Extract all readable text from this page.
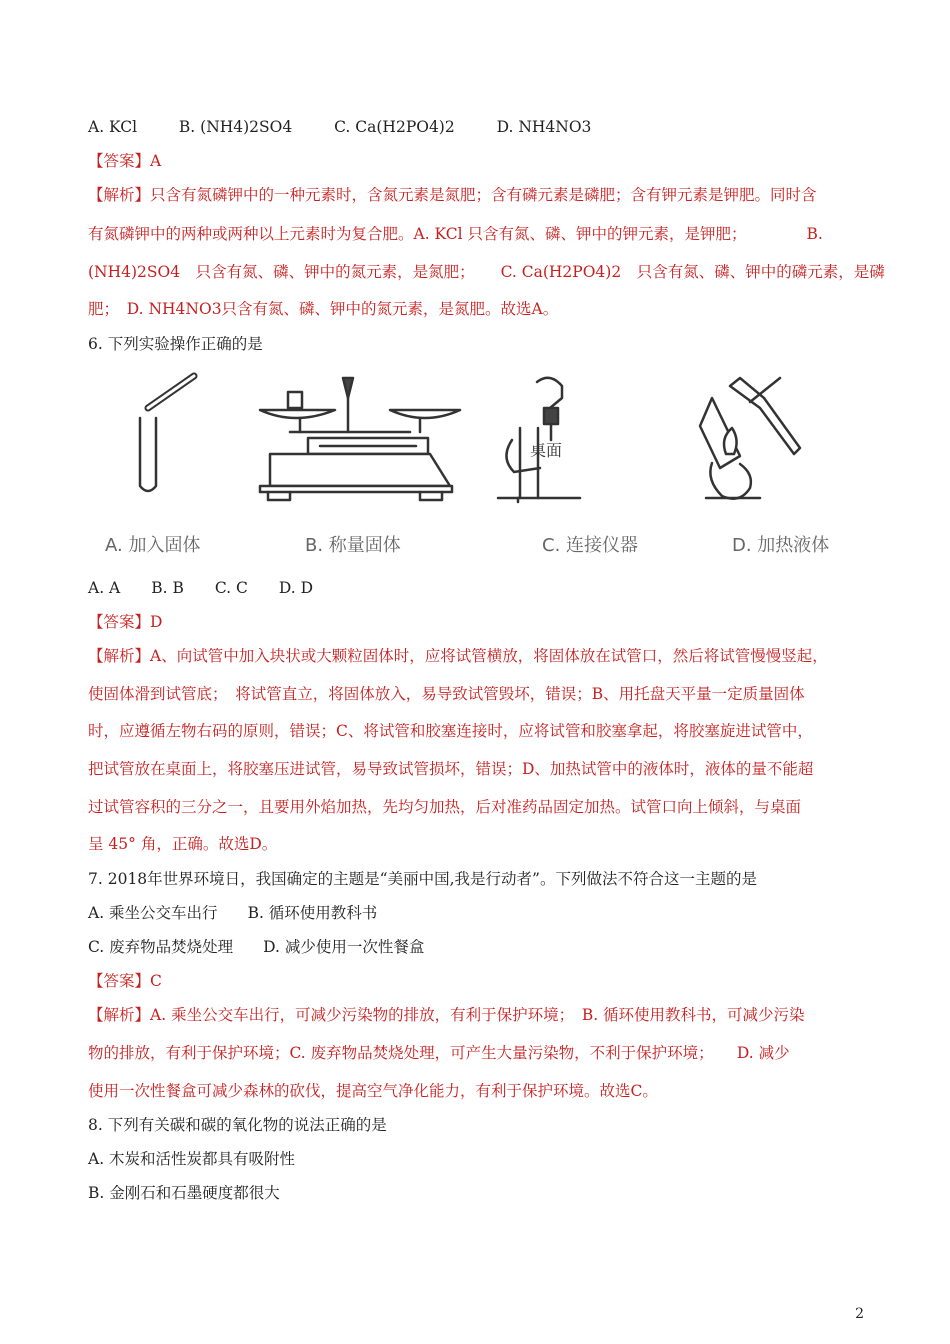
A. KCl	B. (NH4)2SO4	C. Ca(H2PO4)2	D. NH4NO3
【答案】A
【解析】只含有氮磷钾中的一种元素时，含氮元素是氮肥；含有磷元素是磷肥；含有钾元素是钾肥。同时含
有氮磷钾中的两种或两种以上元素时为复合肥。A. KCl 只含有氮、磷、钾中的钾元素，是钾肥；	B.
(NH4)2SO4　只含有氮、磷、钾中的氮元素，是氮肥； C. Ca(H2PO4)2　只含有氮、磷、钾中的磷元素，是磷
肥；　D. NH4NO3只含有氮、磷、钾中的氮元素，是氮肥。故选A。
6. 下列实验操作正确的是
桌面
A. 加入固体	B. 称量固体	C. 连接仪器	D. 加热液体
A. A　　B. B　　C. C　　D. D
【答案】D
【解析】A、向试管中加入块状或大颗粒固体时，应将试管横放，将固体放在试管口，然后将试管慢慢竖起，
使固体滑到试管底；　将试管直立，将固体放入，易导致试管毁坏，错误；B、用托盘天平量一定质量固体
时，应遵循左物右码的原则，错误；C、将试管和胶塞连接时，应将试管和胶塞拿起，将胶塞旋进试管中，
把试管放在桌面上，将胶塞压进试管，易导致试管损坏，错误；D、加热试管中的液体时，液体的量不能超
过试管容积的三分之一，且要用外焰加热，先均匀加热，后对准药品固定加热。试管口向上倾斜，与桌面
呈 45° 角，正确。故选D。
7. 2018年世界环境日，我国确定的主题是“美丽中国,我是行动者”。下列做法不符合这一主题的是
A. 乘坐公交车出行 B. 循环使用教科书
C. 废弃物品焚烧处理 D. 减少使用一次性餐盒
【答案】C
【解析】A. 乘坐公交车出行，可减少污染物的排放，有利于保护环境；　B. 循环使用教科书，可减少污染
物的排放，有利于保护环境；C. 废弃物品焚烧处理，可产生大量污染物，不利于保护环境；　　D. 减少
使用一次性餐盒可减少森林的砍伐，提高空气净化能力，有利于保护环境。故选C。
8. 下列有关碳和碳的氧化物的说法正确的是
A. 木炭和活性炭都具有吸附性
B. 金刚石和石墨硬度都很大
2
